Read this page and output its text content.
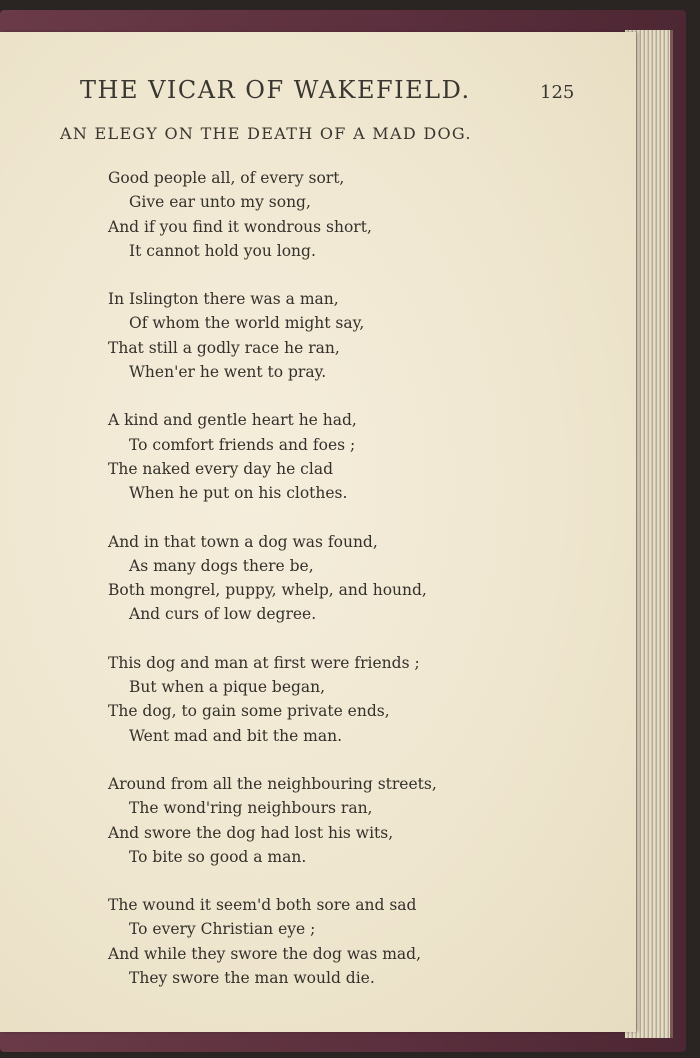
THE VICAR OF WAKEFIELD.	125
AN ELEGY ON THE DEATH OF A MAD DOG.
Good people all, of every sort,
Give ear unto my song,
And if you find it wondrous short,
It cannot hold you long.
In Islington there was a man,
Of whom the world might say,
That still a godly race he ran,
When'er he went to pray.
A kind and gentle heart he had,
To comfort friends and foes ;
The naked every day he clad
When he put on his clothes.
And in that town a dog was found,
As many dogs there be,
Both mongrel, puppy, whelp, and hound,
And curs of low degree.
This dog and man at first were friends ;
But when a pique began,
The dog, to gain some private ends,
Went mad and bit the man.
Around from all the neighbouring streets,
The wond'ring neighbours ran,
And swore the dog had lost his wits,
To bite so good a man.
The wound it seem'd both sore and sad
To every Christian eye ;
And while they swore the dog was mad,
They swore the man would die.
